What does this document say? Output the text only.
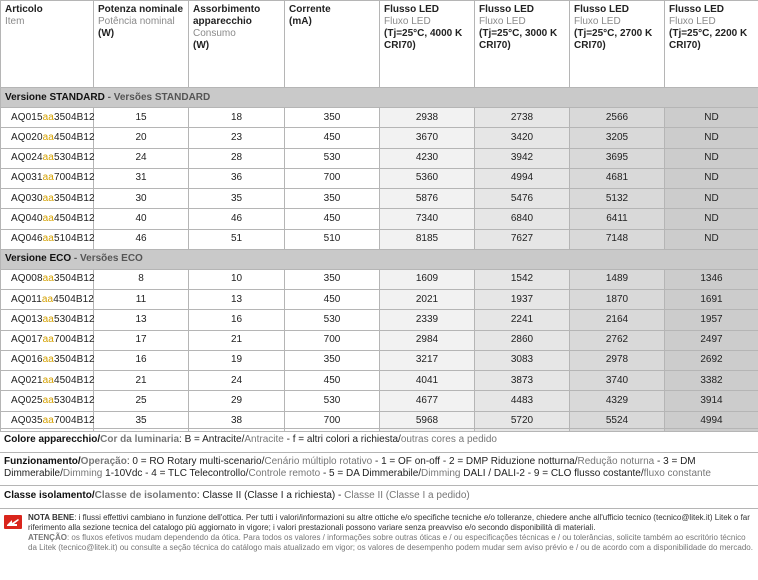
Articolo
Item	Potenza nominale
Potência nominal
(W)	Assorbimento apparecchio
Consumo
(W)	Corrente
(mA)	Flusso LED
Fluxo LED
(Tj=25°C, 4000 K CRI70)	Flusso LED
Fluxo LED
(Tj=25°C, 3000 K CRI70)	Flusso LED
Fluxo LED
(Tj=25°C, 2700 K CRI70)	Flusso LED
Fluxo LED
(Tj=25°C, 2200 K CRI70)
Versione STANDARD - Versões STANDARD							
AQ015aa3504B12	15	18	350	2938	2738	2566	ND
AQ020aa4504B12	20	23	450	3670	3420	3205	ND
AQ024aa5304B12	24	28	530	4230	3942	3695	ND
AQ031aa7004B12	31	36	700	5360	4994	4681	ND
AQ030aa3504B12	30	35	350	5876	5476	5132	ND
AQ040aa4504B12	40	46	450	7340	6840	6411	ND
AQ046aa5104B12	46	51	510	8185	7627	7148	ND
Versione ECO - Versões ECO							
AQ008aa3504B12	8	10	350	1609	1542	1489	1346
AQ011aa4504B12	11	13	450	2021	1937	1870	1691
AQ013aa5304B12	13	16	530	2339	2241	2164	1957
AQ017aa7004B12	17	21	700	2984	2860	2762	2497
AQ016aa3504B12	16	19	350	3217	3083	2978	2692
AQ021aa4504B12	21	24	450	4041	3873	3740	3382
AQ025aa5304B12	25	29	530	4677	4483	4329	3914
AQ035aa7004B12	35	38	700	5968	5720	5524	4994
Colore apparecchio/Cor da luminaria: B = Antracite/Antracite - f = altri colori a richiesta/outras cores a pedido
Funzionamento/Operação: 0 = RO Rotary multi-scenario/Cenário múltiplo rotativo - 1 = OF on-off - 2 = DMP Riduzione notturna/Redução noturna - 3 = DM Dimmerabile/Dimming 1-10Vdc - 4 = TLC Telecontrollo/Controle remoto - 5 = DA Dimmerabile/Dimming DALI / DALI-2 - 9 = CLO flusso costante/fluxo constante
Classe isolamento/Classe de isolamento: Classe II (Classe I a richiesta) - Classe II (Classe I a pedido)
NOTA BENE: i flussi effettivi cambiano in funzione dell'ottica. Per tutti i valori/informazioni su altre ottiche e/o specifiche tecniche e/o tolleranze, chiedere anche all'ufficio tecnico (tecnico@litek.it) Litek o far riferimento alla sezione tecnica del catalogo più aggiornato in vigore; i valori prestazionali possono variare senza preavviso e/o secondo disponibilità di materiali.
ATENÇÃO: os fluxos efetivos mudam dependendo da ótica. Para todos os valores / informações sobre outras óticas e / ou especificações técnicas e / ou tolerâncias, solicite também ao escritório técnico da Litek (tecnico@litek.it) ou consulte a seção técnica do catálogo mais atualizado em vigor; os valores de desempenho podem mudar sem aviso prévio e / ou de acordo com a disponibilidade do mercado.
